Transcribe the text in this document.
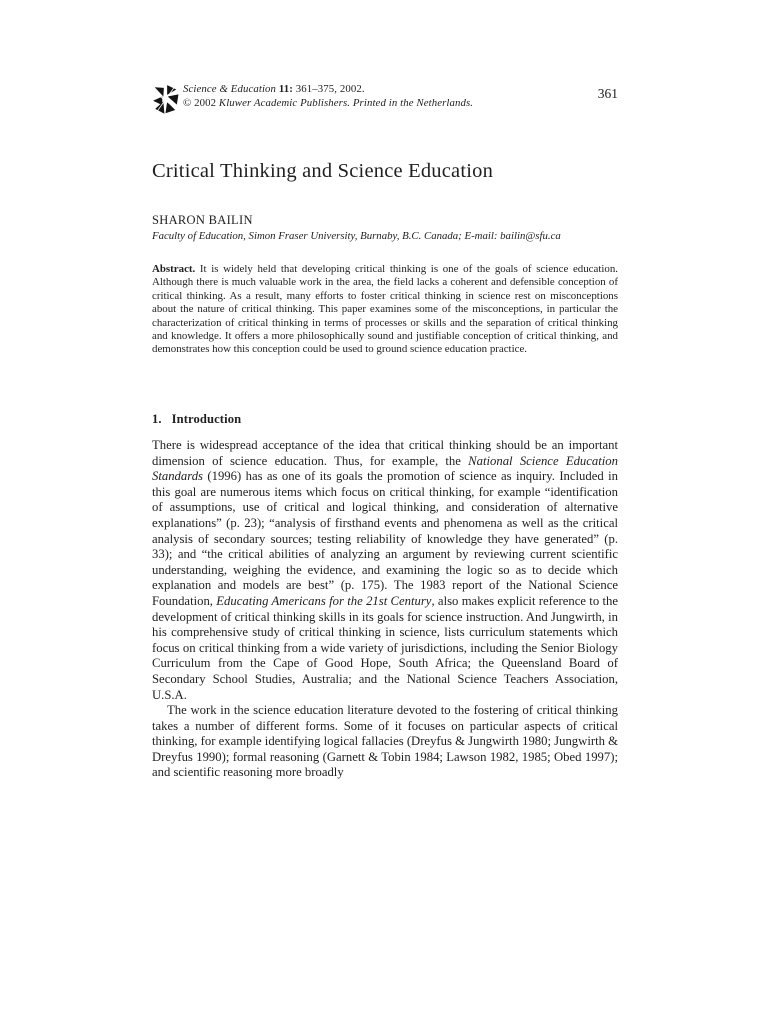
Science & Education 11: 361–375, 2002.
© 2002 Kluwer Academic Publishers. Printed in the Netherlands.
361
Critical Thinking and Science Education
SHARON BAILIN
Faculty of Education, Simon Fraser University, Burnaby, B.C. Canada; E-mail: bailin@sfu.ca

Abstract. It is widely held that developing critical thinking is one of the goals of science education. Although there is much valuable work in the area, the field lacks a coherent and defensible conception of critical thinking. As a result, many efforts to foster critical thinking in science rest on misconceptions about the nature of critical thinking. This paper examines some of the misconceptions, in particular the characterization of critical thinking in terms of processes or skills and the separation of critical thinking and knowledge. It offers a more philosophically sound and justifiable conception of critical thinking, and demonstrates how this conception could be used to ground science education practice.

1. Introduction

There is widespread acceptance of the idea that critical thinking should be an important dimension of science education. Thus, for example, the National Science Education Standards (1996) has as one of its goals the promotion of science as inquiry. Included in this goal are numerous items which focus on critical thinking, for example “identification of assumptions, use of critical and logical thinking, and consideration of alternative explanations” (p. 23); “analysis of firsthand events and phenomena as well as the critical analysis of secondary sources; testing reliability of knowledge they have generated” (p. 33); and “the critical abilities of analyzing an argument by reviewing current scientific understanding, weighing the evidence, and examining the logic so as to decide which explanation and models are best” (p. 175). The 1983 report of the National Science Foundation, Educating Americans for the 21st Century, also makes explicit reference to the development of critical thinking skills in its goals for science instruction. And Jungwirth, in his comprehensive study of critical thinking in science, lists curriculum statements which focus on critical thinking from a wide variety of jurisdictions, including the Senior Biology Curriculum from the Cape of Good Hope, South Africa; the Queensland Board of Secondary School Studies, Australia; and the National Science Teachers Association, U.S.A.

The work in the science education literature devoted to the fostering of critical thinking takes a number of different forms. Some of it focuses on particular aspects of critical thinking, for example identifying logical fallacies (Dreyfus & Jungwirth 1980; Jungwirth & Dreyfus 1990); formal reasoning (Garnett & Tobin 1984; Lawson 1982, 1985; Obed 1997); and scientific reasoning more broadly
